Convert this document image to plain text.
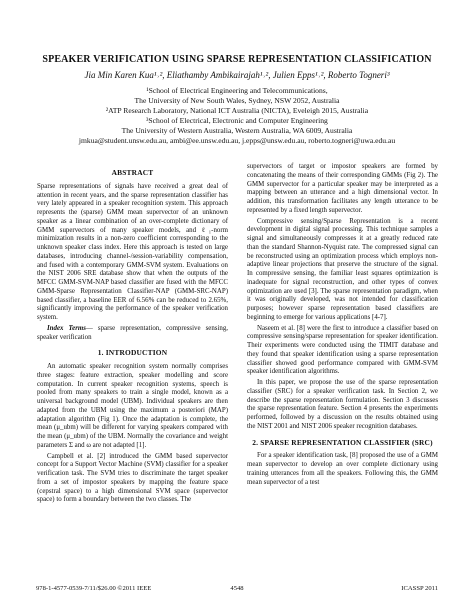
SPEAKER VERIFICATION USING SPARSE REPRESENTATION CLASSIFICATION
Jia Min Karen Kua¹˒², Eliathamby Ambikairajah¹˒², Julien Epps¹˒², Roberto Togneri³
¹School of Electrical Engineering and Telecommunications,
The University of New South Wales, Sydney, NSW 2052, Australia
²ATP Research Laboratory, National ICT Australia (NICTA), Eveleigh 2015, Australia
³School of Electrical, Electronic and Computer Engineering
The University of Western Australia, Western Australia, WA 6009, Australia
jmkua@student.unsw.edu.au, ambi@ee.unsw.edu.au, j.epps@unsw.edu.au, roberto.togneri@uwa.edu.au
ABSTRACT

Sparse representations of signals have received a great deal of attention in recent years, and the sparse representation classifier has very lately appeared in a speaker recognition system. This approach represents the (sparse) GMM mean supervector of an unknown speaker as a linear combination of an over-complete dictionary of GMM supervectors of many speaker models, and ℓ₁-norm minimization results in a non-zero coefficient corresponding to the unknown speaker class index. Here this approach is tested on large databases, introducing channel-/session-variability compensation, and fused with a contemporary GMM-SVM system. Evaluations on the NIST 2006 SRE database show that when the outputs of the MFCC GMM-SVM-NAP based classifier are fused with the MFCC GMM-Sparse Representation Classifier-NAP (GMM-SRC-NAP) based classifier, a baseline EER of 6.56% can be reduced to 2.65%, significantly improving the performance of the speaker verification system.

Index Terms— sparse representation, compressive sensing, speaker verification

1. INTRODUCTION

An automatic speaker recognition system normally comprises three stages: feature extraction, speaker modelling and score computation. In current speaker recognition systems, speech is pooled from many speakers to train a single model, known as a universal background model (UBM). Individual speakers are then adapted from the UBM using the maximum a posteriori (MAP) adaptation algorithm (Fig 1). Once the adaptation is complete, the mean (μ_ubm) will be different for varying speakers compared with the mean (μ_ubm) of the UBM. Normally the covariance and weight parameters Σ and ω are not adapted [1].

Campbell et al. [2] introduced the GMM based supervector concept for a Support Vector Machine (SVM) classifier for a speaker verification task. The SVM tries to discriminate the target speaker from a set of impostor speakers by mapping the feature space (cepstral space) to a high dimensional SVM space (supervector space) to form a boundary between the two classes. The

supervectors of target or impostor speakers are formed by concatenating the means of their corresponding GMMs (Fig 2). The GMM supervector for a particular speaker may be interpreted as a mapping between an utterance and a high dimensional vector. In addition, this transformation facilitates any length utterance to be represented by a fixed length supervector.

Compressive sensing/Sparse Representation is a recent development in digital signal processing. This technique samples a signal and simultaneously compresses it at a greatly reduced rate than the standard Shannon-Nyquist rate. The compressed signal can be reconstructed using an optimization process which employs non-adaptive linear projections that preserve the structure of the signal. In compressive sensing, the familiar least squares optimization is inadequate for signal reconstruction, and other types of convex optimization are used [3]. The sparse representation paradigm, when it was originally developed, was not intended for classification purposes; however sparse representation based classifiers are beginning to emerge for various applications [4-7].

Naseem et al. [8] were the first to introduce a classifier based on compressive sensing/sparse representation for speaker identification. Their experiments were conducted using the TIMIT database and they found that speaker identification using a sparse representation classifier showed good performance compared with GMM-SVM speaker identification algorithms.

In this paper, we propose the use of the sparse representation classifier (SRC) for a speaker verification task. In Section 2, we describe the sparse representation formulation. Section 3 discusses the sparse representation feature. Section 4 presents the experiments performed, followed by a discussion on the results obtained using the NIST 2001 and NIST 2006 speaker recognition databases.

2. SPARSE REPRESENTATION CLASSIFIER (SRC)

For a speaker identification task, [8] proposed the use of a GMM mean supervector to develop an over complete dictionary using training utterances from all the speakers. Following this, the GMM mean supervector of a test

978-1-4577-0539-7/11/$26.00 ©2011 IEEE	4548	ICASSP 2011
